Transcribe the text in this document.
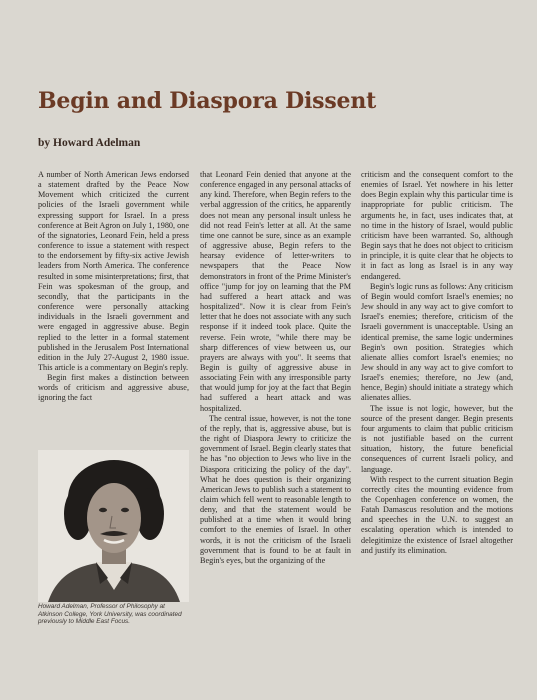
Begin and Diaspora Dissent

by Howard Adelman

A number of North American Jews endorsed a statement drafted by the Peace Now Movement which criticized the current policies of the Israeli government while expressing support for Israel. In a press conference at Beit Agron on July 1, 1980, one of the signatories, Leonard Fein, held a press conference to issue a statement with respect to the endorsement by fifty-six active Jewish leaders from North America. The conference resulted in some misinterpretations; first, that Fein was spokesman of the group, and secondly, that the participants in the conference were personally attacking individuals in the Israeli government and were engaged in aggressive abuse. Begin replied to the letter in a formal statement published in the Jerusalem Post International edition in the July 27-August 2, 1980 issue. This article is a commentary on Begin's reply.

Begin first makes a distinction between words of criticism and aggressive abuse, ignoring the fact

Howard Adelman, Professor of Philosophy at Atkinson College, York University, was coordinated previously to Middle East Focus.

that Leonard Fein denied that anyone at the conference engaged in any personal attacks of any kind. Therefore, when Begin refers to the verbal aggression of the critics, he apparently does not mean any personal insult unless he did not read Fein's letter at all. At the same time one cannot be sure, since as an example of aggressive abuse, Begin refers to the hearsay evidence of letter-writers to newspapers that the Peace Now demonstrators in front of the Prime Minister's office "jump for joy on learning that the PM had suffered a heart attack and was hospitalized". Now it is clear from Fein's letter that he does not associate with any such response if it indeed took place. Quite the reverse. Fein wrote, "while there may be sharp differences of view between us, our prayers are always with you". It seems that Begin is guilty of aggressive abuse in associating Fein with any irresponsible party that would jump for joy at the fact that Begin had suffered a heart attack and was hospitalized.

The central issue, however, is not the tone of the reply, that is, aggressive abuse, but is the right of Diaspora Jewry to criticize the government of Israel. Begin clearly states that he has "no objection to Jews who live in the Diaspora criticizing the policy of the day". What he does question is their organizing American Jews to publish such a statement to claim which fell went to reasonable length to deny, and that the statement would be published at a time when it would bring comfort to the enemies of Israel. In other words, it is not the criticism of the Israeli government that is found to be at fault in Begin's eyes, but the organizing of the

criticism and the consequent comfort to the enemies of Israel. Yet nowhere in his letter does Begin explain why this particular time is inappropriate for public criticism. The arguments he, in fact, uses indicates that, at no time in the history of Israel, would public criticism have been warranted. So, although Begin says that he does not object to criticism in principle, it is quite clear that he objects to it in fact as long as Israel is in any way endangered.

Begin's logic runs as follows: Any criticism of Begin would comfort Israel's enemies; no Jew should in any way act to give comfort to Israel's enemies; therefore, criticism of the Israeli government is unacceptable. Using an identical premise, the same logic undermines Begin's own position. Strategies which alienate allies comfort Israel's enemies; no Jew should in any way act to give comfort to Israel's enemies; therefore, no Jew (and, hence, Begin) should initiate a strategy which alienates allies.

The issue is not logic, however, but the source of the present danger. Begin presents four arguments to claim that public criticism is not justifiable based on the current situation, history, the future beneficial consequences of current Israeli policy, and language.

With respect to the current situation Begin correctly cites the mounting evidence from the Copenhagen conference on women, the Fatah Damascus resolution and the motions and speeches in the U.N. to suggest an escalating operation which is intended to delegitimize the existence of Israel altogether and justify its elimination.
